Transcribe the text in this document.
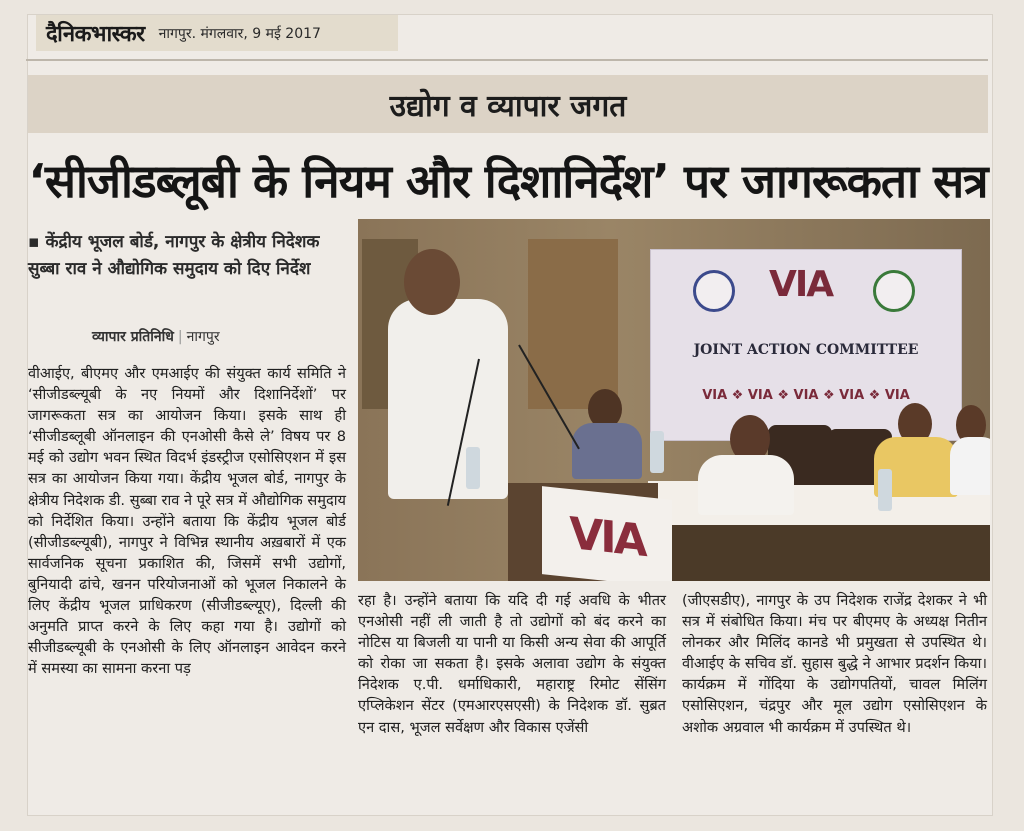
दैनिकभास्कर नागपुर. मंगलवार, 9 मई 2017
उद्योग व व्यापार जगत
‘सीजीडब्लूबी के नियम और दिशानिर्देश’ पर जागरूकता सत्र
▪ केंद्रीय भूजल बोर्ड, नागपुर के क्षेत्रीय निदेशक सुब्बा राव ने औद्योगिक समुदाय को दिए निर्देश
व्यापार प्रतिनिधि | नागपुर
VIA
JOINT ACTION COMMITTEE
VIA ❖ VIA ❖ VIA ❖ VIA ❖ VIA
VIA
वीआईए, बीएमए और एमआईए की संयुक्त कार्य समिति ने ‘सीजीडब्ल्यूबी के नए नियमों और दिशानिर्देशों’ पर जागरूकता सत्र का आयोजन किया। इसके साथ ही ‘सीजीडब्लूबी ऑनलाइन की एनओसी कैसे ले’ विषय पर 8 मई को उद्योग भवन स्थित विदर्भ इंडस्ट्रीज एसोसिएशन में इस सत्र का आयोजन किया गया। केंद्रीय भूजल बोर्ड, नागपुर के क्षेत्रीय निदेशक डी. सुब्बा राव ने पूरे सत्र में औद्योगिक समुदाय को निर्देशित किया। उन्होंने बताया कि केंद्रीय भूजल बोर्ड (सीजीडब्ल्यूबी), नागपुर ने विभिन्न स्थानीय अख़बारों में एक सार्वजनिक सूचना प्रकाशित की, जिसमें सभी उद्योगों, बुनियादी ढांचे, खनन परियोजनाओं को भूजल निकालने के लिए केंद्रीय भूजल प्राधिकरण (सीजीडब्ल्यूए), दिल्ली की अनुमति प्राप्त करने के लिए कहा गया है। उद्योगों को सीजीडब्ल्यूबी के एनओसी के लिए ऑनलाइन आवेदन करने में समस्या का सामना करना पड़
रहा है। उन्होंने बताया कि यदि दी गई अवधि के भीतर एनओसी नहीं ली जाती है तो उद्योगों को बंद करने का नोटिस या बिजली या पानी या किसी अन्य सेवा की आपूर्ति को रोका जा सकता है। इसके अलावा उद्योग के संयुक्त निदेशक ए.पी. धर्माधिकारी, महाराष्ट्र रिमोट सेंसिंग एप्लिकेशन सेंटर (एमआरएसएसी) के निदेशक डॉ. सुब्रत एन दास, भूजल सर्वेक्षण और विकास एजेंसी
(जीएसडीए), नागपुर के उप निदेशक राजेंद्र देशकर ने भी सत्र में संबोधित किया। मंच पर बीएमए के अध्यक्ष नितीन लोनकर और मिलिंद कानडे भी प्रमुखता से उपस्थित थे। वीआईए के सचिव डॉ. सुहास बुद्धे ने आभार प्रदर्शन किया। कार्यक्रम में गोंदिया के उद्योगपतियों, चावल मिलिंग एसोसिएशन, चंद्रपुर और मूल उद्योग एसोसिएशन के अशोक अग्रवाल भी कार्यक्रम में उपस्थित थे।
